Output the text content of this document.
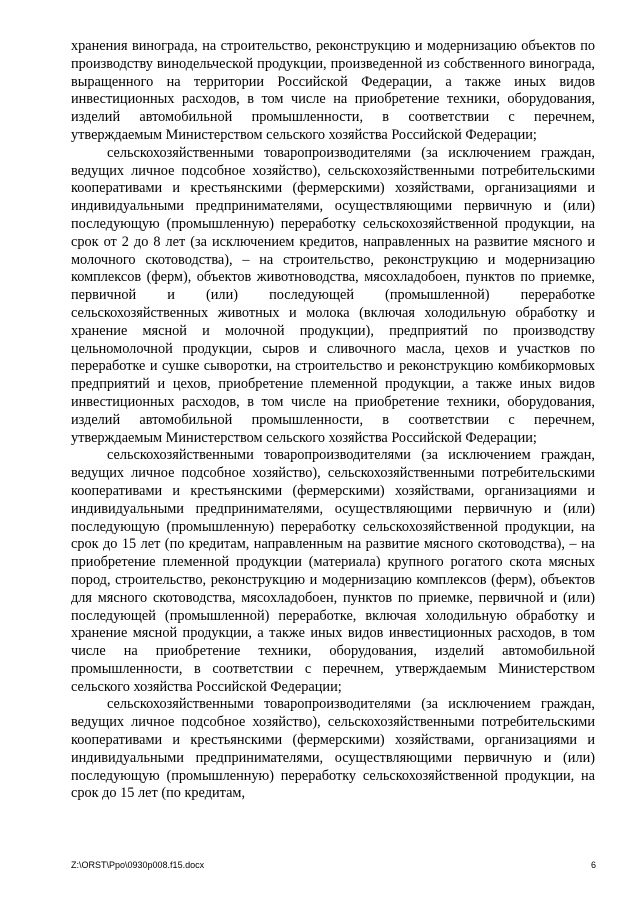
хранения винограда, на строительство, реконструкцию и модернизацию объектов по производству винодельческой продукции, произведенной из собственного винограда, выращенного на территории Российской Федерации, а также иных видов инвестиционных расходов, в том числе на приобретение техники, оборудования, изделий автомобильной промышленности, в соответствии с перечнем, утверждаемым Министерством сельского хозяйства Российской Федерации;

сельскохозяйственными товаропроизводителями (за исключением граждан, ведущих личное подсобное хозяйство), сельскохозяйственными потребительскими кооперативами и крестьянскими (фермерскими) хозяйствами, организациями и индивидуальными предпринимателями, осуществляющими первичную и (или) последующую (промышленную) переработку сельскохозяйственной продукции, на срок от 2 до 8 лет (за исключением кредитов, направленных на развитие мясного и молочного скотоводства), – на строительство, реконструкцию и модернизацию комплексов (ферм), объектов животноводства, мясохладобоен, пунктов по приемке, первичной и (или) последующей (промышленной) переработке сельскохозяйственных животных и молока (включая холодильную обработку и хранение мясной и молочной продукции), предприятий по производству цельномолочной продукции, сыров и сливочного масла, цехов и участков по переработке и сушке сыворотки, на строительство и реконструкцию комбикормовых предприятий и цехов, приобретение племенной продукции, а также иных видов инвестиционных расходов, в том числе на приобретение техники, оборудования, изделий автомобильной промышленности, в соответствии с перечнем, утверждаемым Министерством сельского хозяйства Российской Федерации;

сельскохозяйственными товаропроизводителями (за исключением граждан, ведущих личное подсобное хозяйство), сельскохозяйственными потребительскими кооперативами и крестьянскими (фермерскими) хозяйствами, организациями и индивидуальными предпринимателями, осуществляющими первичную и (или) последующую (промышленную) переработку сельскохозяйственной продукции, на срок до 15 лет (по кредитам, направленным на развитие мясного скотоводства), – на приобретение племенной продукции (материала) крупного рогатого скота мясных пород, строительство, реконструкцию и модернизацию комплексов (ферм), объектов для мясного скотоводства, мясохладобоен, пунктов по приемке, первичной и (или) последующей (промышленной) переработке, включая холодильную обработку и хранение мясной продукции, а также иных видов инвестиционных расходов, в том числе на приобретение техники, оборудования, изделий автомобильной промышленности, в соответствии с перечнем, утверждаемым Министерством сельского хозяйства Российской Федерации;

сельскохозяйственными товаропроизводителями (за исключением граждан, ведущих личное подсобное хозяйство), сельскохозяйственными потребительскими кооперативами и крестьянскими (фермерскими) хозяйствами, организациями и индивидуальными предпринимателями, осуществляющими первичную и (или) последующую (промышленную) переработку сельскохозяйственной продукции, на срок до 15 лет (по кредитам,

Z:\ORST\Ppo\0930p008.f15.docx	6
